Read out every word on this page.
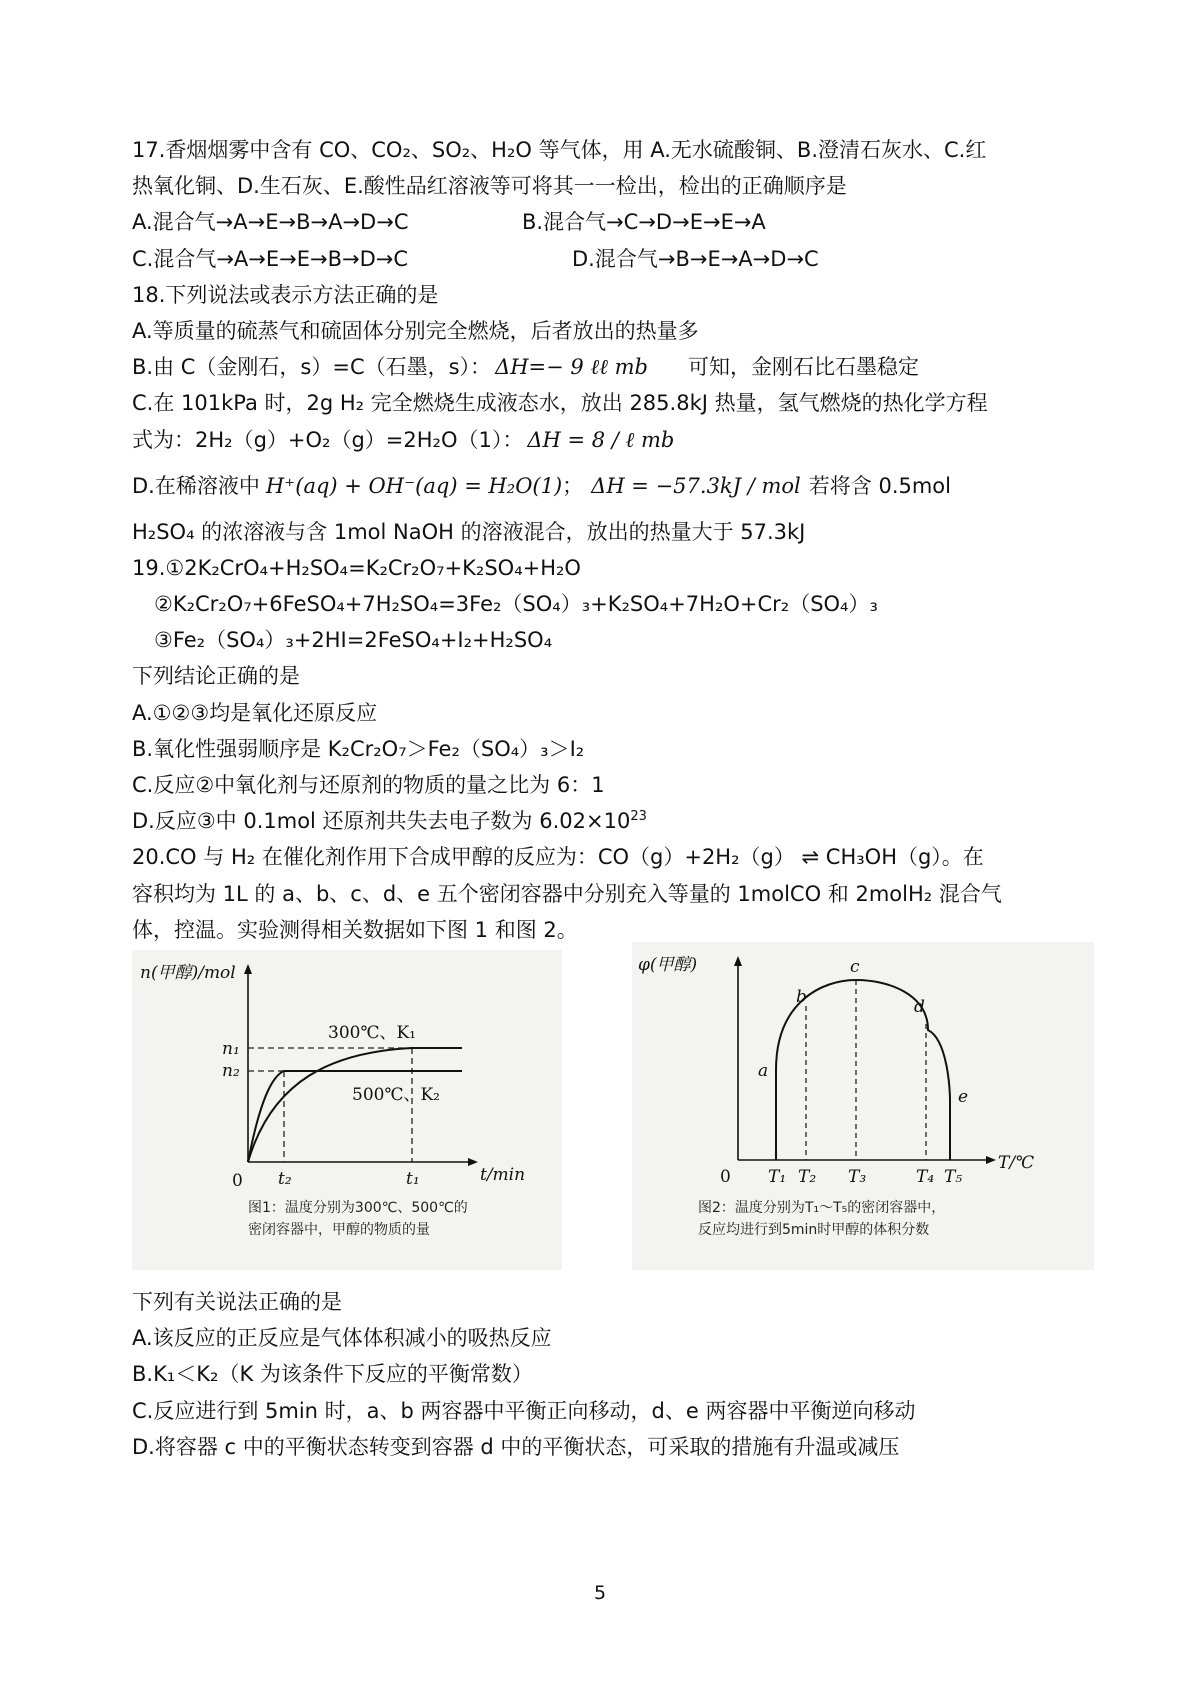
17.香烟烟雾中含有 CO、CO₂、SO₂、H₂O 等气体，用 A.无水硫酸铜、B.澄清石灰水、C.红
热氧化铜、D.生石灰、E.酸性品红溶液等可将其一一检出，检出的正确顺序是
A.混合气→A→E→B→A→D→C	B.混合气→C→D→E→E→A
C.混合气→A→E→E→B→D→C	D.混合气→B→E→A→D→C
18.下列说法或表示方法正确的是
A.等质量的硫蒸气和硫固体分别完全燃烧，后者放出的热量多
B.由 C（金刚石，s）=C（石墨，s）： ΔH=− 9 ℓℓ mb 可知，金刚石比石墨稳定
C.在 101kPa 时，2g H₂ 完全燃烧生成液态水，放出 285.8kJ 热量，氢气燃烧的热化学方程
式为：2H₂（g）+O₂（g）=2H₂O（1）： ΔH = 8 / ℓ mb
D.在稀溶液中 H⁺(aq) + OH⁻(aq) = H₂O(1)； ΔH = −57.3kJ / mol 若将含 0.5mol
H₂SO₄ 的浓溶液与含 1mol NaOH 的溶液混合，放出的热量大于 57.3kJ
19.①2K₂CrO₄+H₂SO₄=K₂Cr₂O₇+K₂SO₄+H₂O
②K₂Cr₂O₇+6FeSO₄+7H₂SO₄=3Fe₂（SO₄）₃+K₂SO₄+7H₂O+Cr₂（SO₄）₃
③Fe₂（SO₄）₃+2HI=2FeSO₄+I₂+H₂SO₄
下列结论正确的是
A.①②③均是氧化还原反应
B.氧化性强弱顺序是 K₂Cr₂O₇＞Fe₂（SO₄）₃＞I₂
C.反应②中氧化剂与还原剂的物质的量之比为 6：1
D.反应③中 0.1mol 还原剂共失去电子数为 $6.02\times 10^{23}$
20.CO 与 H₂ 在催化剂作用下合成甲醇的反应为：CO（g）+2H₂（g） ⇌ CH₃OH（g）。在
容积均为 1L 的 a、b、c、d、e 五个密闭容器中分别充入等量的 1molCO 和 2molH₂ 混合气
体，控温。实验测得相关数据如下图 1 和图 2。
n(甲醇)/mol
t/min
0
n₁
n₂
300℃、K₁
500℃、K₂
t₂	t₁
图1：温度分别为300℃、500℃的
密闭容器中，甲醇的物质的量
φ(甲醇)
T/℃
0
a
b
c
d
e
T₁ T₂ T₃	T₄ T₅
图2：温度分别为T₁～T₅的密闭容器中，
反应均进行到5min时甲醇的体积分数
下列有关说法正确的是
A.该反应的正反应是气体体积减小的吸热反应
B.K₁＜K₂（K 为该条件下反应的平衡常数）
C.反应进行到 5min 时，a、b 两容器中平衡正向移动，d、e 两容器中平衡逆向移动
D.将容器 c 中的平衡状态转变到容器 d 中的平衡状态，可采取的措施有升温或减压
5
